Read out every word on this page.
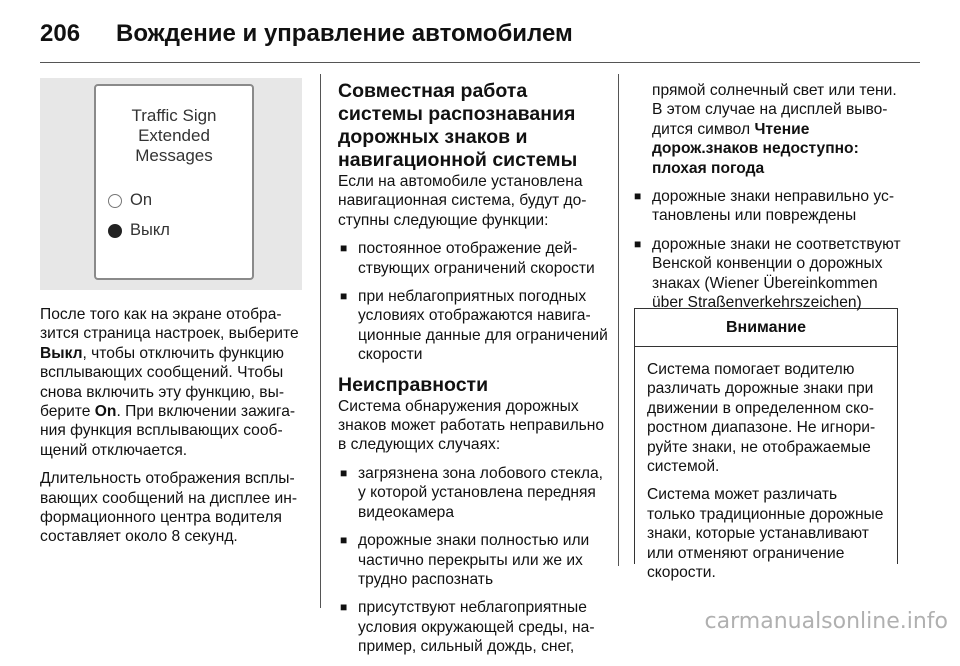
206 Вождение и управление автомобилем
Traffic Sign
Extended
Messages
On
Выкл

После того как на экране отобразится страница настроек, выберите Выкл, чтобы отключить функцию всплывающих сообщений. Чтобы снова включить эту функцию, выберите On. При включении зажигания функция всплывающих сообщений отключается.

Длительность отображения всплывающих сообщений на дисплее информационного центра водителя составляет около 8 секунд.

Совместная работа системы распознавания дорожных знаков и навигационной системы

Если на автомобиле установлена навигационная система, будут доступны следующие функции:

■ постоянное отображение действующих ограничений скорости
■ при неблагоприятных погодных условиях отображаются навигационные данные для ограничений скорости
Неисправности

Система обнаружения дорожных знаков может работать неправильно в следующих случаях:

■ загрязнена зона лобового стекла, у которой установлена передняя видеокамера
■ дорожные знаки полностью или частично перекрыты или же их трудно распознать
■ присутствуют неблагоприятные условия окружающей среды, например, сильный дождь, снег,

прямой солнечный свет или тени. В этом случае на дисплей выводится символ Чтение дорож.знаков недоступно: плохая погода

■ дорожные знаки неправильно установлены или повреждены
■ дорожные знаки не соответствуют Венской конвенции о дорожных знаках (Wiener Übereinkommen über Straßenverkehrszeichen)
Внимание

Система помогает водителю различать дорожные знаки при движении в определенном скоростном диапазоне. Не игнорируйте знаки, не отображаемые системой.

Система может различать только традиционные дорожные знаки, которые устанавливают или отменяют ограничение скорости.

carmanualsonline.info
